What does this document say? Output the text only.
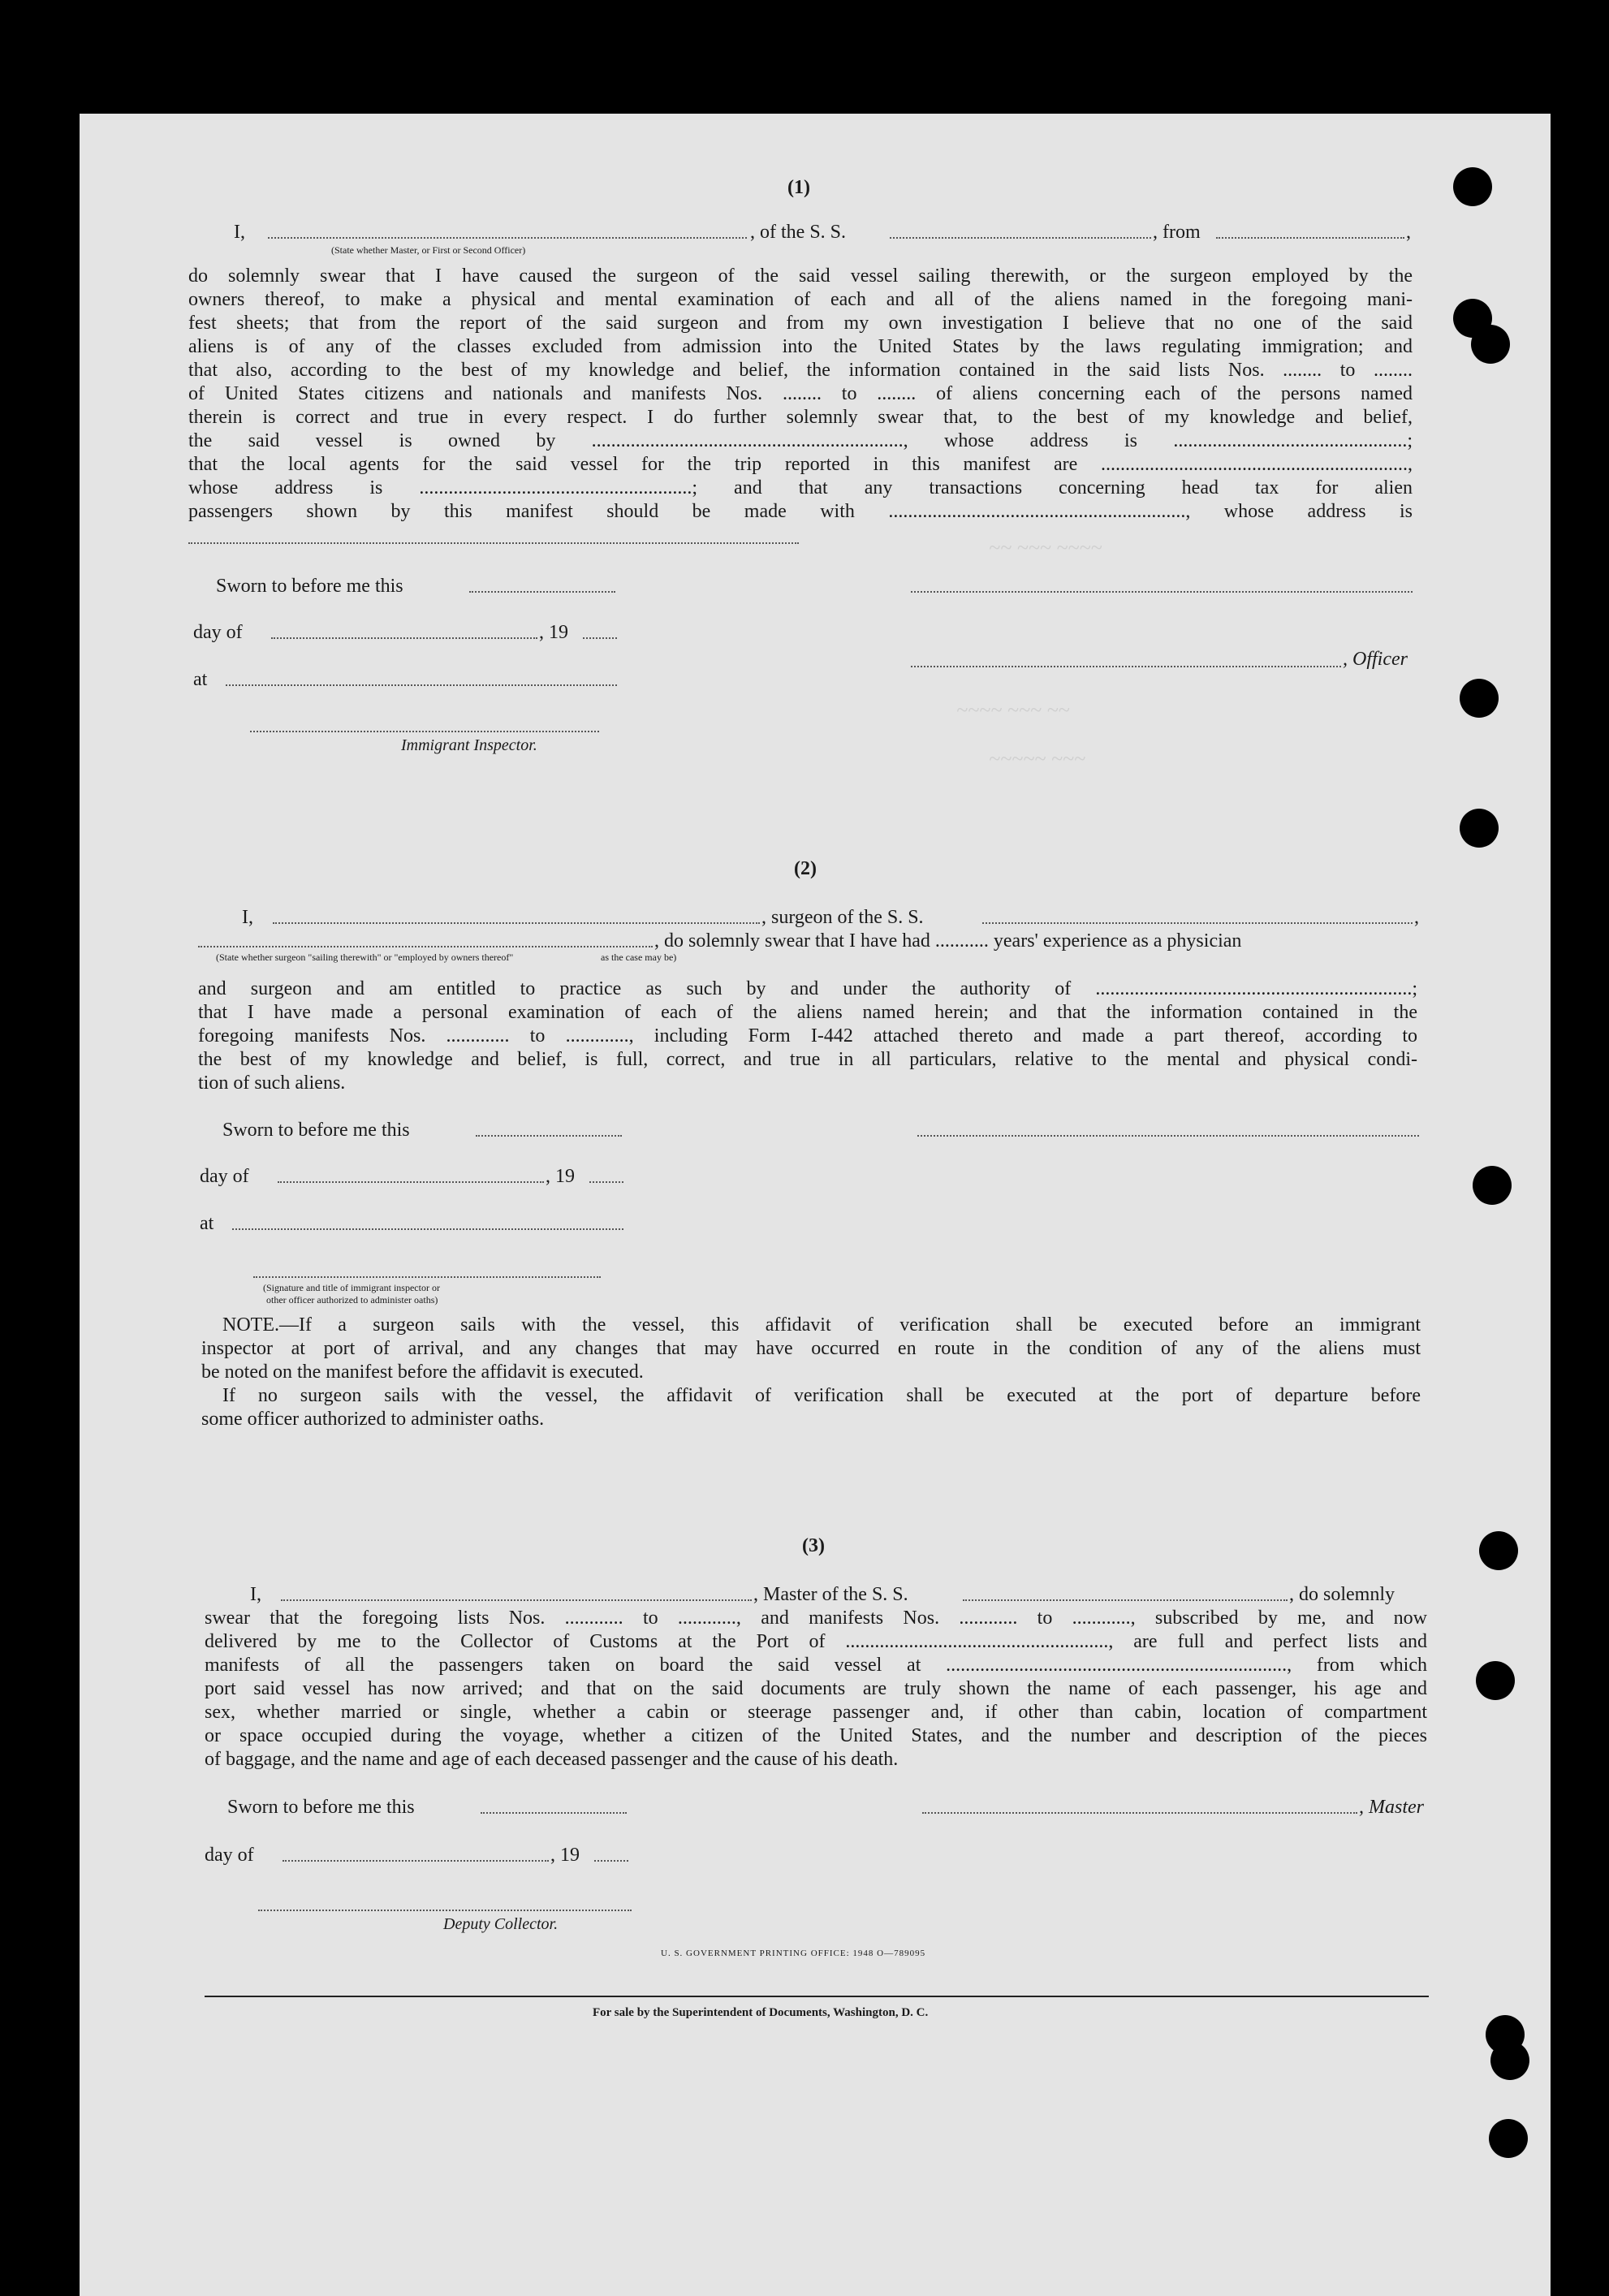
~~ ~~~ ~~~~
~~~~ ~~~ ~~
~~~~~ ~~~
(1)
I,
(State whether Master, or First or Second Officer)
, of the S. S.	, from	,
do solemnly swear that I have caused the surgeon of the said vessel sailing therewith, or the surgeon employed by the
owners thereof, to make a physical and mental examination of each and all of the aliens named in the foregoing mani-
fest sheets; that from the report of the said surgeon and from my own investigation I believe that no one of the said
aliens is of any of the classes excluded from admission into the United States by the laws regulating immigration; and
that also, according to the best of my knowledge and belief, the information contained in the said lists Nos. ........ to ........
of United States citizens and nationals and manifests Nos. ........ to ........ of aliens concerning each of the persons named
therein is correct and true in every respect. I do further solemnly swear that, to the best of my knowledge and belief,
the said vessel is owned by ................................................................, whose address is ................................................;
that the local agents for the said vessel for the trip reported in this manifest are ...............................................................,
whose address is ........................................................; and that any transactions concerning head tax for alien
passengers shown by this manifest should be made with ............................................................., whose address is
Sworn to before me this
day of	, 19
, Officer
at
Immigrant Inspector.
(2)
I,	, surgeon of the S. S.	,
, do solemnly swear that I have had ........... years' experience as a physician
(State whether surgeon "sailing therewith" or "employed by owners thereof"	as the case may be)
and surgeon and am entitled to practice as such by and under the authority of .................................................................;
that I have made a personal examination of each of the aliens named herein; and that the information contained in the
foregoing manifests Nos. ............. to ............., including Form I-442 attached thereto and made a part thereof, according to
the best of my knowledge and belief, is full, correct, and true in all particulars, relative to the mental and physical condi-
tion of such aliens.
Sworn to before me this
day of	, 19
at
(Signature and title of immigrant inspector or
other officer authorized to administer oaths)
NOTE.—If a surgeon sails with the vessel, this affidavit of verification shall be executed before an immigrant
inspector at port of arrival, and any changes that may have occurred en route in the condition of any of the aliens must
be noted on the manifest before the affidavit is executed.
If no surgeon sails with the vessel, the affidavit of verification shall be executed at the port of departure before
some officer authorized to administer oaths.
(3)
I,	, Master of the S. S.	, do solemnly
swear that the foregoing lists Nos. ............ to ............, and manifests Nos. ............ to ............, subscribed by me, and now
delivered by me to the Collector of Customs at the Port of ......................................................, are full and perfect lists and
manifests of all the passengers taken on board the said vessel at ......................................................................, from which
port said vessel has now arrived; and that on the said documents are truly shown the name of each passenger, his age and
sex, whether married or single, whether a cabin or steerage passenger and, if other than cabin, location of compartment
or space occupied during the voyage, whether a citizen of the United States, and the number and description of the pieces
of baggage, and the name and age of each deceased passenger and the cause of his death.
Sworn to before me this	, Master
day of	, 19
Deputy Collector.
U. S. GOVERNMENT PRINTING OFFICE: 1948 O—789095
For sale by the Superintendent of Documents, Washington, D. C.
